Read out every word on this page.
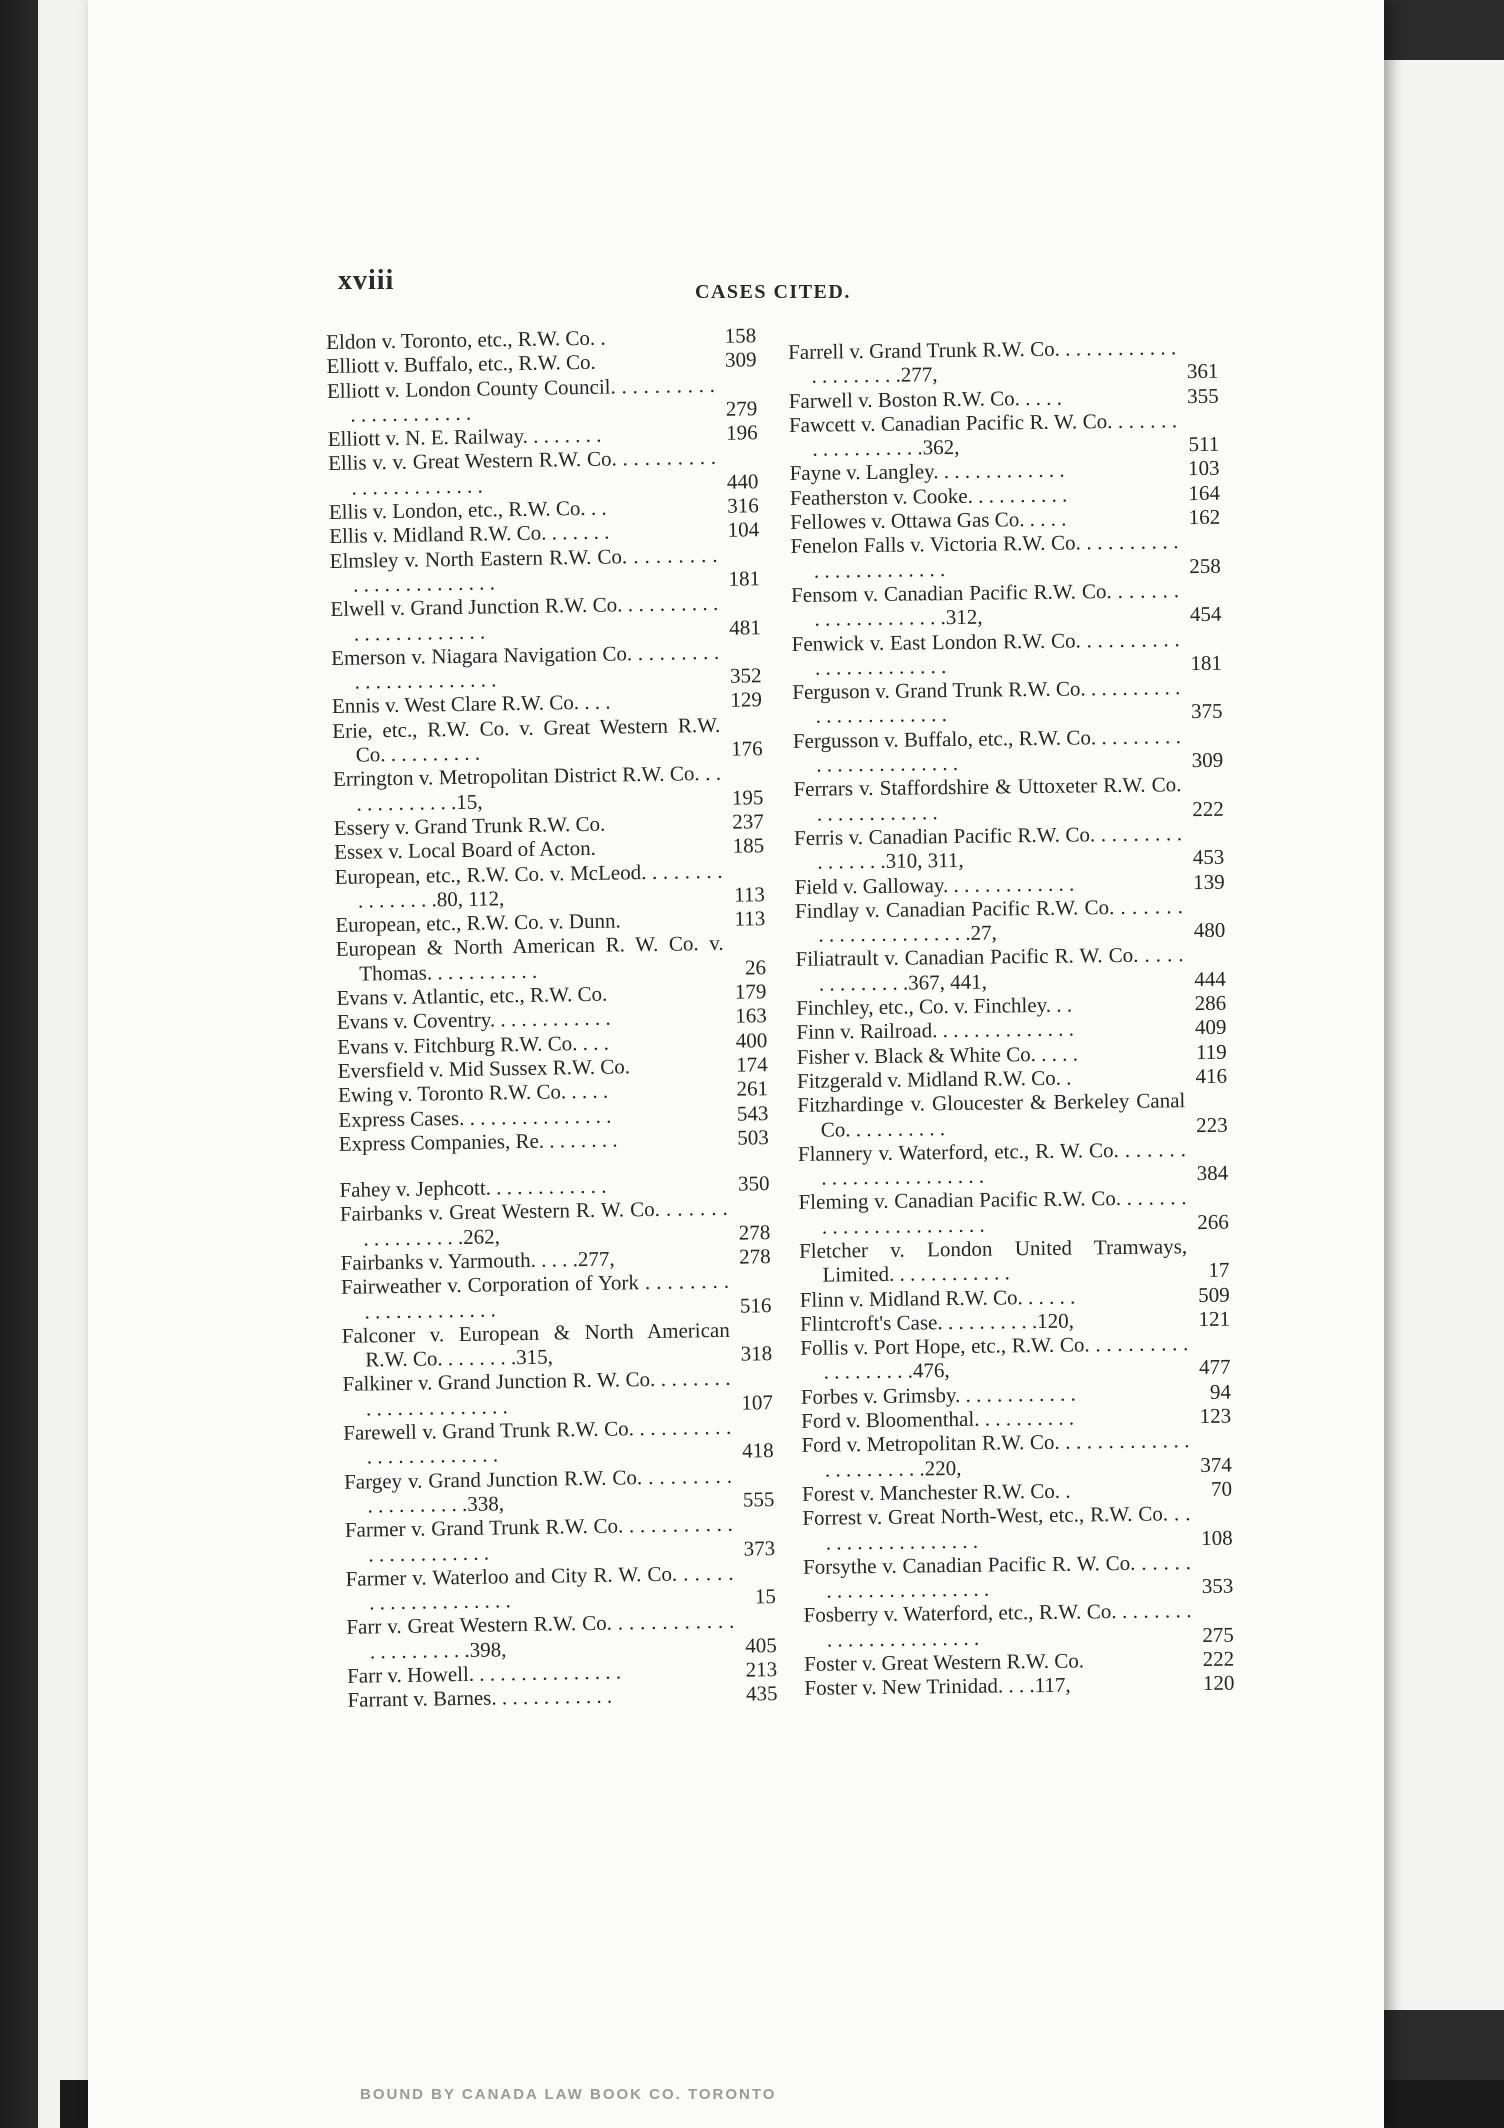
xviii	CASES CITED.
Eldon v. Toronto, etc., R.W. Co. .	158
Elliott v. Buffalo, etc., R.W. Co.	309
Elliott v. London County Council. . . . . . . . . . . . . . . . . . . . . .	279
Elliott v. N. E. Railway. . . . . . . .	196
Ellis v. v. Great Western R.W. Co. . . . . . . . . . . . . . . . . . . . . . .	440
Ellis v. London, etc., R.W. Co. . .	316
Ellis v. Midland R.W. Co. . . . . . .	104
Elmsley v. North Eastern R.W. Co. . . . . . . . . . . . . . . . . . . . . . .	181
Elwell v. Grand Junction R.W. Co. . . . . . . . . . . . . . . . . . . . . . .	481
Emerson v. Niagara Navigation Co. . . . . . . . . . . . . . . . . . . . . . .	352
Ennis v. West Clare R.W. Co. . . .	129
Erie, etc., R.W. Co. v. Great Western R.W. Co. . . . . . . . . .	176
Errington v. Metropolitan District R.W. Co. . . . . . . . . . . . .15,	195
Essery v. Grand Trunk R.W. Co.	237
Essex v. Local Board of Acton.	185
European, etc., R.W. Co. v. McLeod. . . . . . . . . . . . . . . .80, 112,	113
European, etc., R.W. Co. v. Dunn.	113
European & North American R. W. Co. v. Thomas. . . . . . . . . . .	26
Evans v. Atlantic, etc., R.W. Co.	179
Evans v. Coventry. . . . . . . . . . . .	163
Evans v. Fitchburg R.W. Co. . . .	400
Eversfield v. Mid Sussex R.W. Co.	174
Ewing v. Toronto R.W. Co. . . . .	261
Express Cases. . . . . . . . . . . . . . .	543
Express Companies, Re. . . . . . . .	503
Fahey v. Jephcott. . . . . . . . . . . .	350
Fairbanks v. Great Western R. W. Co. . . . . . . . . . . . . . . . .262,	278
Fairbanks v. Yarmouth. . . . .277,	278
Fairweather v. Corporation of York . . . . . . . . . . . . . . . . . . . . .	516
Falconer v. European & North American R.W. Co. . . . . . . .315,	318
Falkiner v. Grand Junction R. W. Co. . . . . . . . . . . . . . . . . . . . . .	107
Farewell v. Grand Trunk R.W. Co. . . . . . . . . . . . . . . . . . . . . . .	418
Fargey v. Grand Junction R.W. Co. . . . . . . . . . . . . . . . . . .338,	555
Farmer v. Grand Trunk R.W. Co. . . . . . . . . . . . . . . . . . . . . . .	373
Farmer v. Waterloo and City R. W. Co. . . . . . . . . . . . . . . . . . . .	15
Farr v. Great Western R.W. Co. . . . . . . . . . . . . . . . . . . . . .398,	405
Farr v. Howell. . . . . . . . . . . . . . .	213
Farrant v. Barnes. . . . . . . . . . . .	435
Farrell v. Grand Trunk R.W. Co. . . . . . . . . . . . . . . . . . . . .277,	361
Farwell v. Boston R.W. Co. . . . .	355
Fawcett v. Canadian Pacific R. W. Co. . . . . . . . . . . . . . . . . .362,	511
Fayne v. Langley. . . . . . . . . . . . .	103
Featherston v. Cooke. . . . . . . . . .	164
Fellowes v. Ottawa Gas Co. . . . .	162
Fenelon Falls v. Victoria R.W. Co. . . . . . . . . . . . . . . . . . . . . . .	258
Fensom v. Canadian Pacific R.W. Co. . . . . . . . . . . . . . . . . . . .312,	454
Fenwick v. East London R.W. Co. . . . . . . . . . . . . . . . . . . . . . .	181
Ferguson v. Grand Trunk R.W. Co. . . . . . . . . . . . . . . . . . . . . . .	375
Fergusson v. Buffalo, etc., R.W. Co. . . . . . . . . . . . . . . . . . . . . . .	309
Ferrars v. Staffordshire & Uttoxeter R.W. Co. . . . . . . . . . . . .	222
Ferris v. Canadian Pacific R.W. Co. . . . . . . . . . . . . . . .310, 311,	453
Field v. Galloway. . . . . . . . . . . . .	139
Findlay v. Canadian Pacific R.W. Co. . . . . . . . . . . . . . . . . . . . . .27,	480
Filiatrault v. Canadian Pacific R. W. Co. . . . . . . . . . . . . .367, 441,	444
Finchley, etc., Co. v. Finchley. . .	286
Finn v. Railroad. . . . . . . . . . . . . .	409
Fisher v. Black & White Co. . . . .	119
Fitzgerald v. Midland R.W. Co. .	416
Fitzhardinge v. Gloucester & Berkeley Canal Co. . . . . . . . . .	223
Flannery v. Waterford, etc., R. W. Co. . . . . . . . . . . . . . . . . . . . . . .	384
Fleming v. Canadian Pacific R.W. Co. . . . . . . . . . . . . . . . . . . . . . .	266
Fletcher v. London United Tramways, Limited. . . . . . . . . . . .	17
Flinn v. Midland R.W. Co. . . . . .	509
Flintcroft's Case. . . . . . . . . .120,	121
Follis v. Port Hope, etc., R.W. Co. . . . . . . . . . . . . . . . . . .476,	477
Forbes v. Grimsby. . . . . . . . . . . .	94
Ford v. Bloomenthal. . . . . . . . . .	123
Ford v. Metropolitan R.W. Co. . . . . . . . . . . . . . . . . . . . . . .220,	374
Forest v. Manchester R.W. Co. .	70
Forrest v. Great North-West, etc., R.W. Co. . . . . . . . . . . . . . . . . .	108
Forsythe v. Canadian Pacific R. W. Co. . . . . . . . . . . . . . . . . . . . . .	353
Fosberry v. Waterford, etc., R.W. Co. . . . . . . . . . . . . . . . . . . . . . .	275
Foster v. Great Western R.W. Co.	222
Foster v. New Trinidad. . . .117,	120
BOUND BY CANADA LAW BOOK CO. TORONTO
